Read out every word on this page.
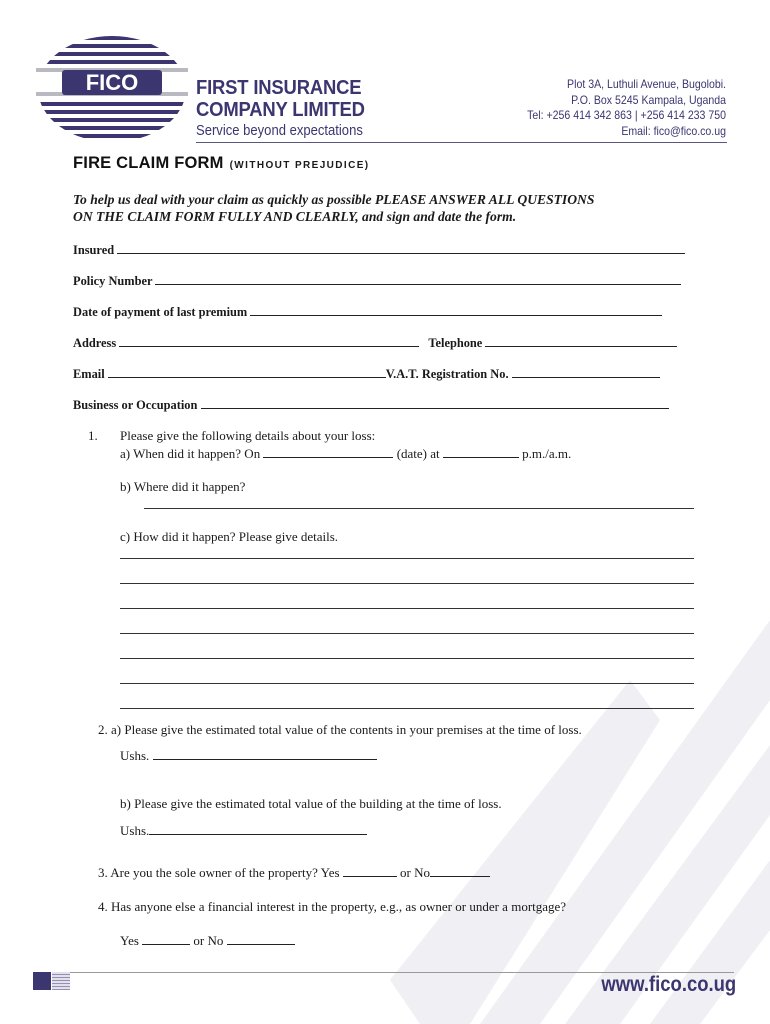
FICO	FIRST INSURANCE
COMPANY LIMITED
Service beyond expectations
Plot 3A, Luthuli Avenue, Bugolobi.
P.O. Box 5245 Kampala, Uganda
Tel: +256 414 342 863 | +256 414 233 750
Email: fico@fico.co.ug
FIRE CLAIM FORM (WITHOUT PREJUDICE)
To help us deal with your claim as quickly as possible PLEASE ANSWER ALL QUESTIONS
ON THE CLAIM FORM FULLY AND CLEARLY, and sign and date the form.
Insured
Policy Number
Date of payment of last premium
Address	Telephone
Email	V.A.T. Registration No.
Business or Occupation
1. Please give the following details about your loss:
a) When did it happen? On	(date) at	p.m./a.m.
b) Where did it happen?
c) How did it happen? Please give details.
2. a) Please give the estimated total value of the contents in your premises at the time of loss.
Ushs.
b) Please give the estimated total value of the building at the time of loss.
Ushs.
3. Are you the sole owner of the property? Yes	or No
4. Has anyone else a financial interest in the property, e.g., as owner or under a mortgage?
Yes	or No
www.fico.co.ug
